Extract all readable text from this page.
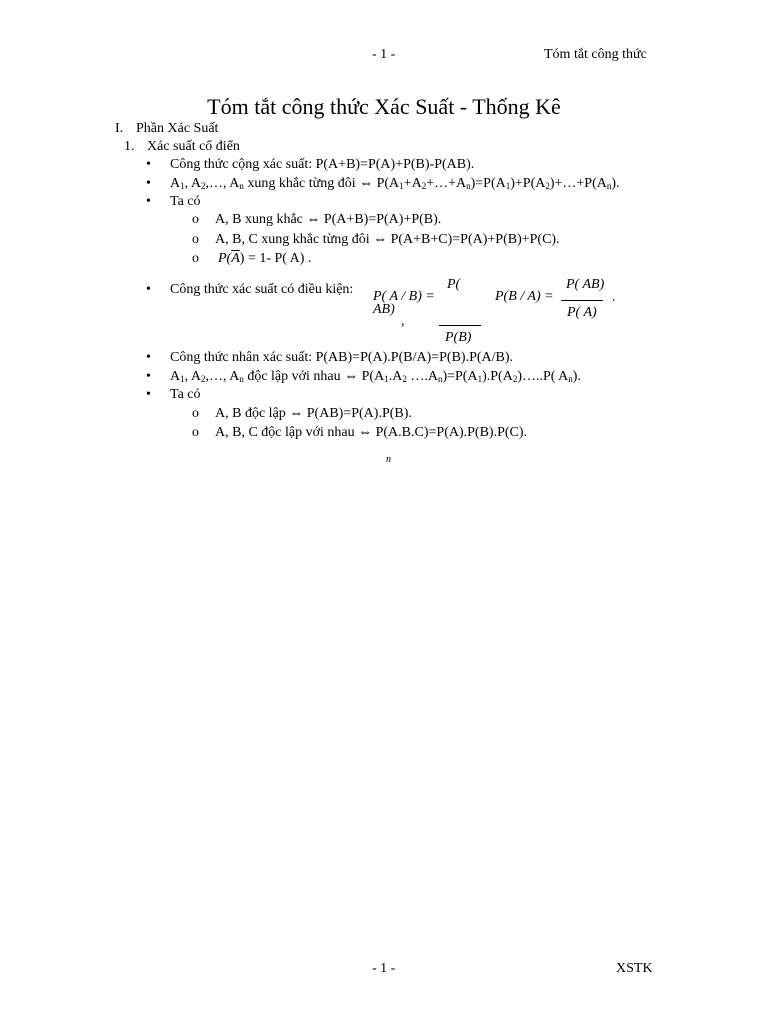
- 1 -	Tóm tắt công thức
Tóm tắt công thức Xác Suất - Thống Kê
I. Phần Xác Suất
1. Xác suất cổ điển
• Công thức cộng xác suất: P(A+B)=P(A)+P(B)-P(AB).
• $A_1$, $A_2,\dots$, $A_n$ xung khắc từng đôi ⇔ $P(A_1+A_2+\dots+A_n)=P(A_1)+P(A_2)+\dots+P(A_n)$.
• Ta có
o A, B xung khắc ⇔ P(A+B)=P(A)+P(B).
o A, B, C xung khắc từng đôi ⇔ P(A+B+C)=P(A)+P(B)+P(C).
o $P(\overline{A}) = 1-$ P( A) .
• Công thức xác suất có điều kiện: P( A / B) =
P(
AB)
,
P(B)
P(B / A) =
P( AB)
P( A)
.
• Công thức nhân xác suất: P(AB)=P(A).P(B/A)=P(B).P(A/B).
• $A_1$, $A_2,\dots$, $A_n$ độc lập với nhau ⇔ $P(A_1.A_2$ $\dots.A_n)=P(A_1).P(A_2)\dots..P$( $A_n$).
• Ta có
o A, B độc lập ⇔ P(AB)=P(A).P(B).
o A, B, C độc lập với nhau ⇔ P(A.B.C)=P(A).P(B).P(C).
n
- 1 -	XSTK
